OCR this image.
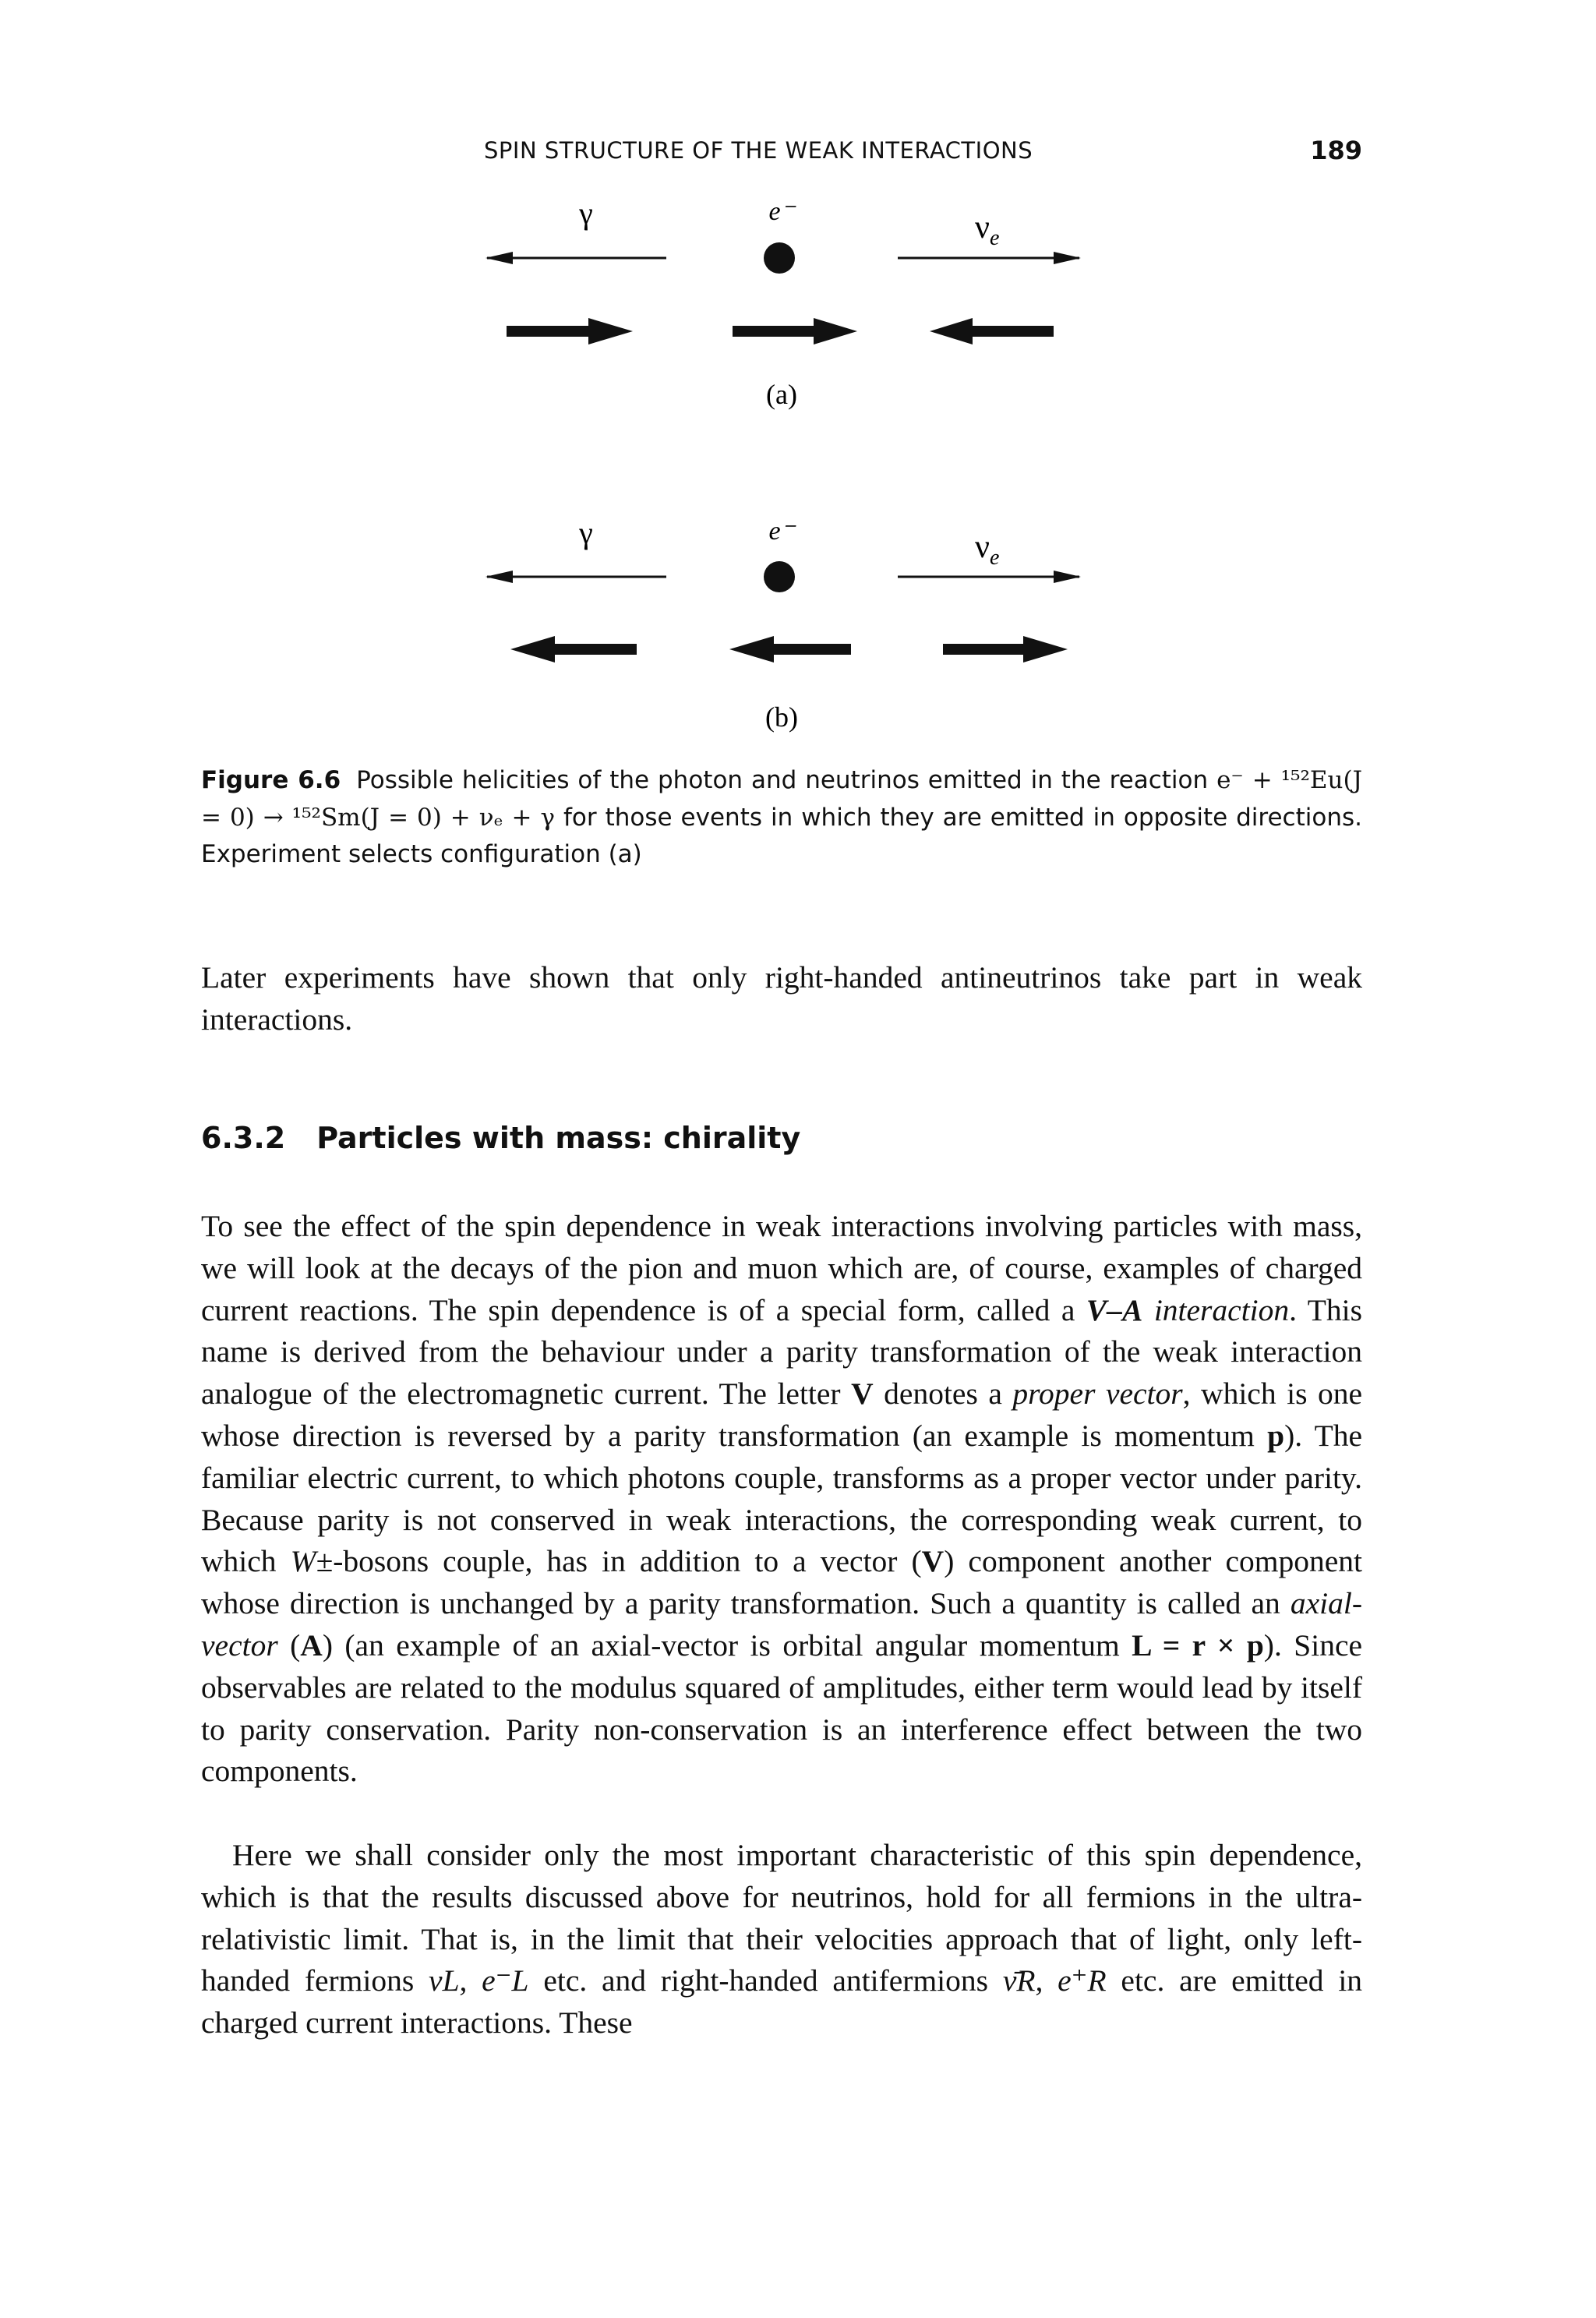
SPIN STRUCTURE OF THE WEAK INTERACTIONS	189
γ	e⁻	$\nu_e$
(a)
γ	e⁻	$\nu_e$
(b)
Figure 6.6 Possible helicities of the photon and neutrinos emitted in the reaction e⁻ + ¹⁵²Eu(J = 0) → ¹⁵²Sm(J = 0) + νₑ + γ for those events in which they are emitted in opposite directions. Experiment selects configuration (a)
Later experiments have shown that only right-handed antineutrinos take part in weak interactions.
6.3.2 Particles with mass: chirality
To see the effect of the spin dependence in weak interactions involving particles with mass, we will look at the decays of the pion and muon which are, of course, examples of charged current reactions. The spin dependence is of a special form, called a V–A interaction. This name is derived from the behaviour under a parity transformation of the weak interaction analogue of the electromagnetic current. The letter V denotes a proper vector, which is one whose direction is reversed by a parity transformation (an example is momentum p). The familiar electric current, to which photons couple, transforms as a proper vector under parity. Because parity is not conserved in weak interactions, the corresponding weak current, to which W±-bosons couple, has in addition to a vector (V) component another component whose direction is unchanged by a parity transformation. Such a quantity is called an axial-vector (A) (an example of an axial-vector is orbital angular momentum L = r × p). Since observables are related to the modulus squared of amplitudes, either term would lead by itself to parity conservation. Parity non-conservation is an interference effect between the two components.
Here we shall consider only the most important characteristic of this spin dependence, which is that the results discussed above for neutrinos, hold for all fermions in the ultra-relativistic limit. That is, in the limit that their velocities approach that of light, only left-handed fermions νL, e⁻L etc. and right-handed antifermions ν̄R, e⁺R etc. are emitted in charged current interactions. These
